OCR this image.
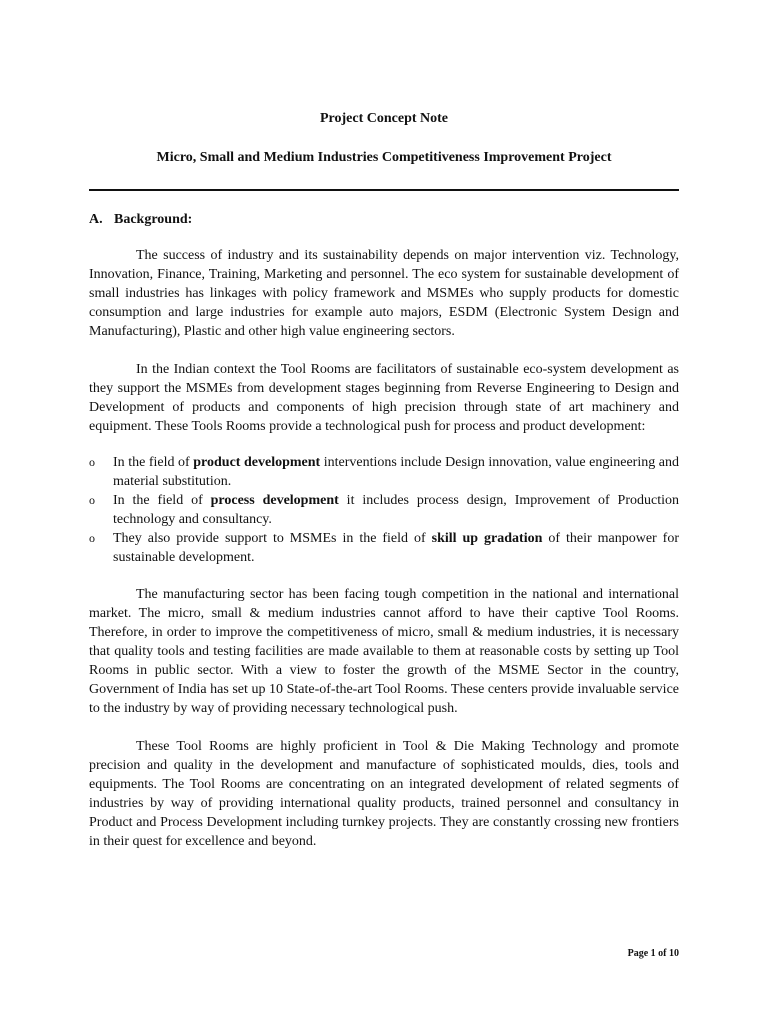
Project Concept Note
Micro, Small and Medium Industries Competitiveness Improvement Project
A. Background:

The success of industry and its sustainability depends on major intervention viz. Technology, Innovation, Finance, Training, Marketing and personnel. The eco system for sustainable development of small industries has linkages with policy framework and MSMEs who supply products for domestic consumption and large industries for example auto majors, ESDM (Electronic System Design and Manufacturing), Plastic and other high value engineering sectors.

In the Indian context the Tool Rooms are facilitators of sustainable eco-system development as they support the MSMEs from development stages beginning from Reverse Engineering to Design and Development of products and components of high precision through state of art machinery and equipment. These Tools Rooms provide a technological push for process and product development:

o In the field of product development interventions include Design innovation, value engineering and material substitution.
o In the field of process development it includes process design, Improvement of Production technology and consultancy.
o They also provide support to MSMEs in the field of skill up gradation of their manpower for sustainable development.

The manufacturing sector has been facing tough competition in the national and international market. The micro, small & medium industries cannot afford to have their captive Tool Rooms. Therefore, in order to improve the competitiveness of micro, small & medium industries, it is necessary that quality tools and testing facilities are made available to them at reasonable costs by setting up Tool Rooms in public sector. With a view to foster the growth of the MSME Sector in the country, Government of India has set up 10 State-of-the-art Tool Rooms. These centers provide invaluable service to the industry by way of providing necessary technological push.

These Tool Rooms are highly proficient in Tool & Die Making Technology and promote precision and quality in the development and manufacture of sophisticated moulds, dies, tools and equipments. The Tool Rooms are concentrating on an integrated development of related segments of industries by way of providing international quality products, trained personnel and consultancy in Product and Process Development including turnkey projects. They are constantly crossing new frontiers in their quest for excellence and beyond.

Page 1 of 10
